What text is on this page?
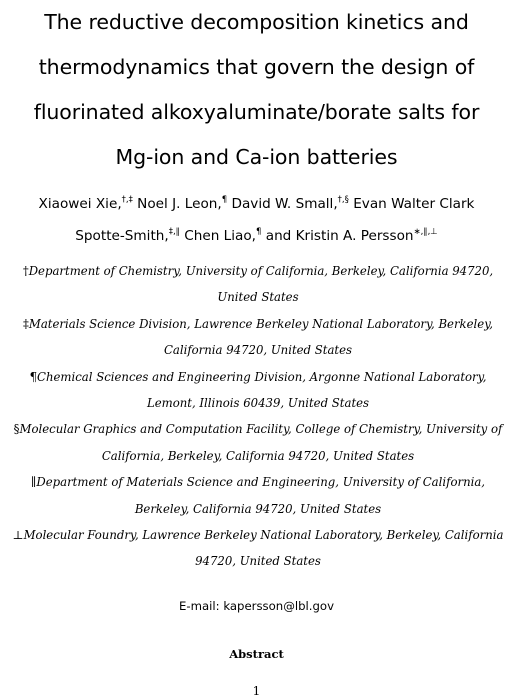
The reductive decomposition kinetics and
thermodynamics that govern the design of
fluorinated alkoxyaluminate/borate salts for
Mg-ion and Ca-ion batteries
Xiaowei Xie,†,‡ Noel J. Leon,¶ David W. Small,†,§ Evan Walter Clark
Spotte-Smith,‡,∥ Chen Liao,¶ and Kristin A. Persson∗,∥,⊥
†Department of Chemistry, University of California, Berkeley, California 94720, United States
‡Materials Science Division, Lawrence Berkeley National Laboratory, Berkeley, California 94720, United States
¶Chemical Sciences and Engineering Division, Argonne National Laboratory, Lemont, Illinois 60439, United States
§Molecular Graphics and Computation Facility, College of Chemistry, University of California, Berkeley, California 94720, United States
∥Department of Materials Science and Engineering, University of California, Berkeley, California 94720, United States
⊥Molecular Foundry, Lawrence Berkeley National Laboratory, Berkeley, California 94720, United States
E-mail: kapersson@lbl.gov
Abstract
1
